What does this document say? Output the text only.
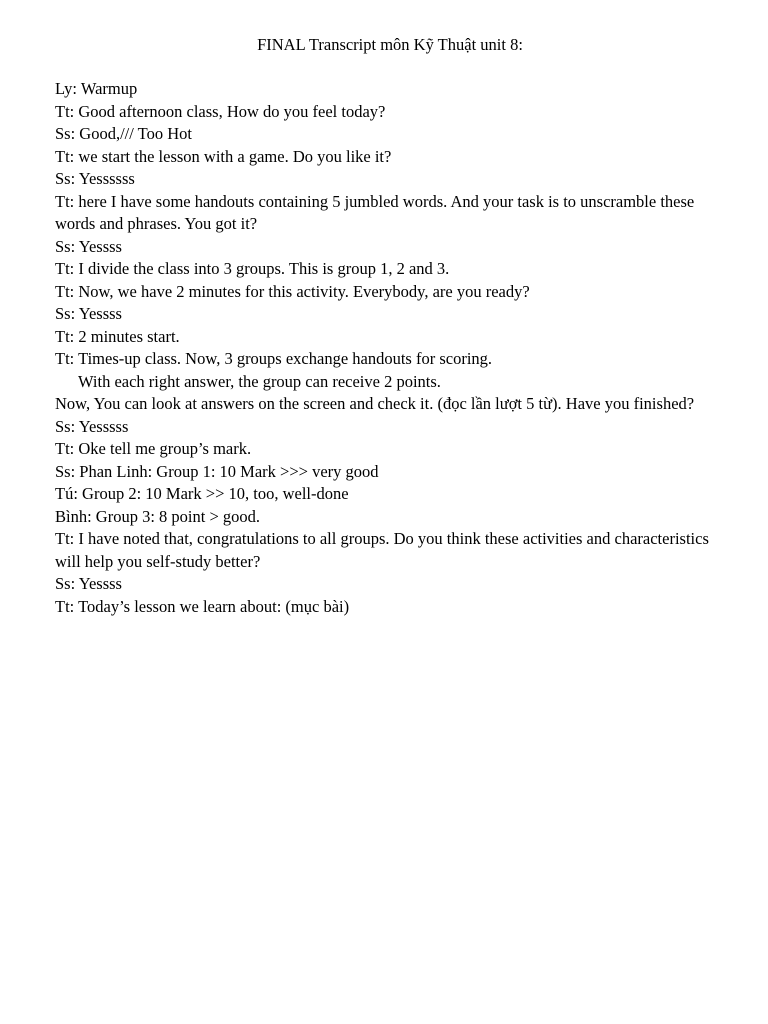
FINAL Transcript môn Kỹ Thuật unit 8:
Ly: Warmup
Tt: Good afternoon class, How do you feel today?
Ss: Good,/// Too Hot
Tt: we start the lesson with a game. Do you like it?
Ss: Yessssss
Tt: here I have some handouts containing 5 jumbled words. And your task is to unscramble these words and phrases. You got it?
Ss: Yessss
Tt: I divide the class into 3 groups. This is group 1, 2 and 3.
Tt: Now, we have 2 minutes for this activity. Everybody, are you ready?
Ss: Yessss
Tt: 2 minutes start.
Tt: Times-up class. Now, 3 groups exchange handouts for scoring.
With each right answer, the group can receive 2 points.
Now, You can look at answers on the screen and check it. (đọc lần lượt 5 từ). Have you finished?
Ss: Yesssss
Tt: Oke tell me group’s mark.
Ss: Phan Linh: Group 1: 10 Mark >>> very good
Tú: Group 2: 10 Mark >> 10, too, well-done
Bình: Group 3: 8 point > good.
Tt: I have noted that, congratulations to all groups. Do you think these activities and characteristics will help you self-study better?
Ss: Yessss
Tt: Today’s lesson we learn about: (mục bài)
